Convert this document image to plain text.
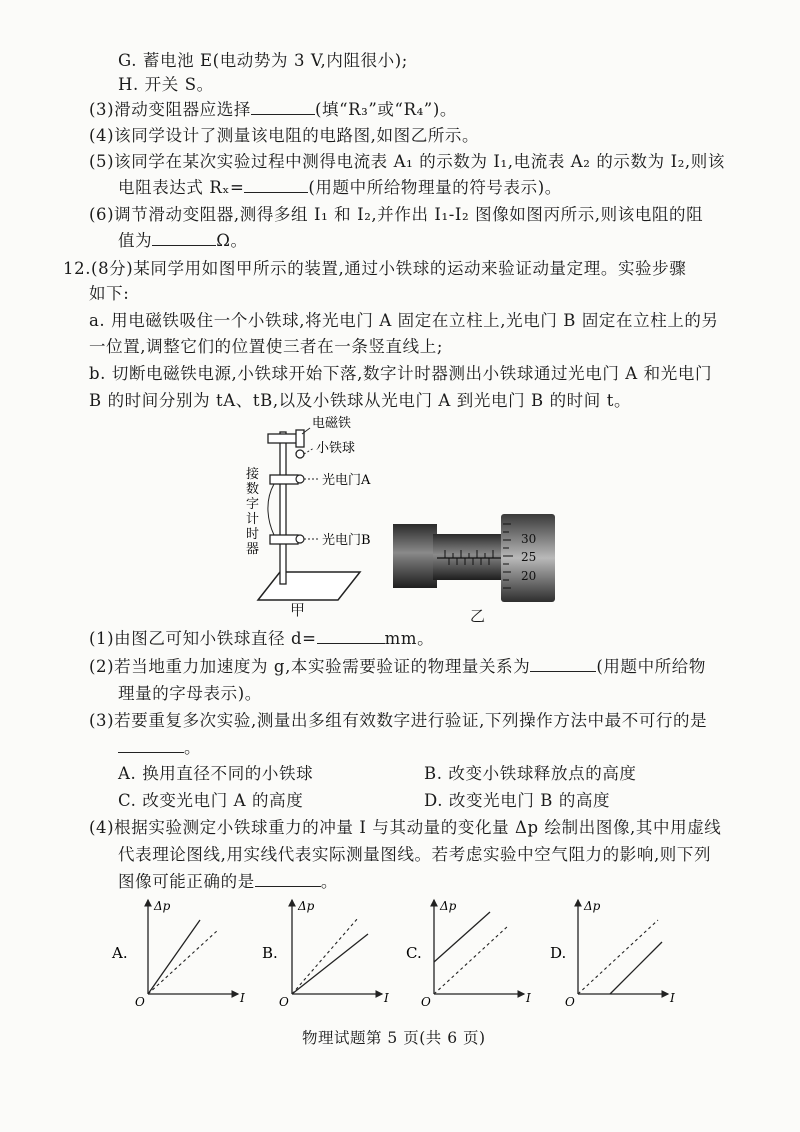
G. 蓄电池 E(电动势为 3 V,内阻很小);
H. 开关 S。
(3)滑动变阻器应选择	(填“R₃”或“R₄”)。
(4)该同学设计了测量该电阻的电路图,如图乙所示。
(5)该同学在某次实验过程中测得电流表 A₁ 的示数为 I₁,电流表 A₂ 的示数为 I₂,则该
电阻表达式 Rₓ=	(用题中所给物理量的符号表示)。
(6)调节滑动变阻器,测得多组 I₁ 和 I₂,并作出 I₁-I₂ 图像如图丙所示,则该电阻的阻
值为	Ω。
12.(8分)某同学用如图甲所示的装置,通过小铁球的运动来验证动量定理。实验步骤
如下:
a. 用电磁铁吸住一个小铁球,将光电门 A 固定在立柱上,光电门 B 固定在立柱上的另
一位置,调整它们的位置使三者在一条竖直线上;
b. 切断电磁铁电源,小铁球开始下落,数字计时器测出小铁球通过光电门 A 和光电门
B 的时间分别为 tA、tB,以及小铁球从光电门 A 到光电门 B 的时间 t。
电磁铁
小铁球
光电门A
光电门B
接
数
字
计
时
器
甲
30
25
20
乙
(1)由图乙可知小铁球直径 d=	mm。
(2)若当地重力加速度为 g,本实验需要验证的物理量关系为	(用题中所给物
理量的字母表示)。
(3)若要重复多次实验,测量出多组有效数字进行验证,下列操作方法中最不可行的是
。
A. 换用直径不同的小铁球	B. 改变小铁球释放点的高度
C. 改变光电门 A 的高度	D. 改变光电门 B 的高度
(4)根据实验测定小铁球重力的冲量 I 与其动量的变化量 Δp 绘制出图像,其中用虚线
代表理论图线,用实线代表实际测量图线。若考虑实验中空气阻力的影响,则下列
图像可能正确的是	。
A.
Δp
I
O
B.
Δp
I
O
C.
Δp
I
O
D.
Δp
I
O
物理试题第 5 页(共 6 页)
